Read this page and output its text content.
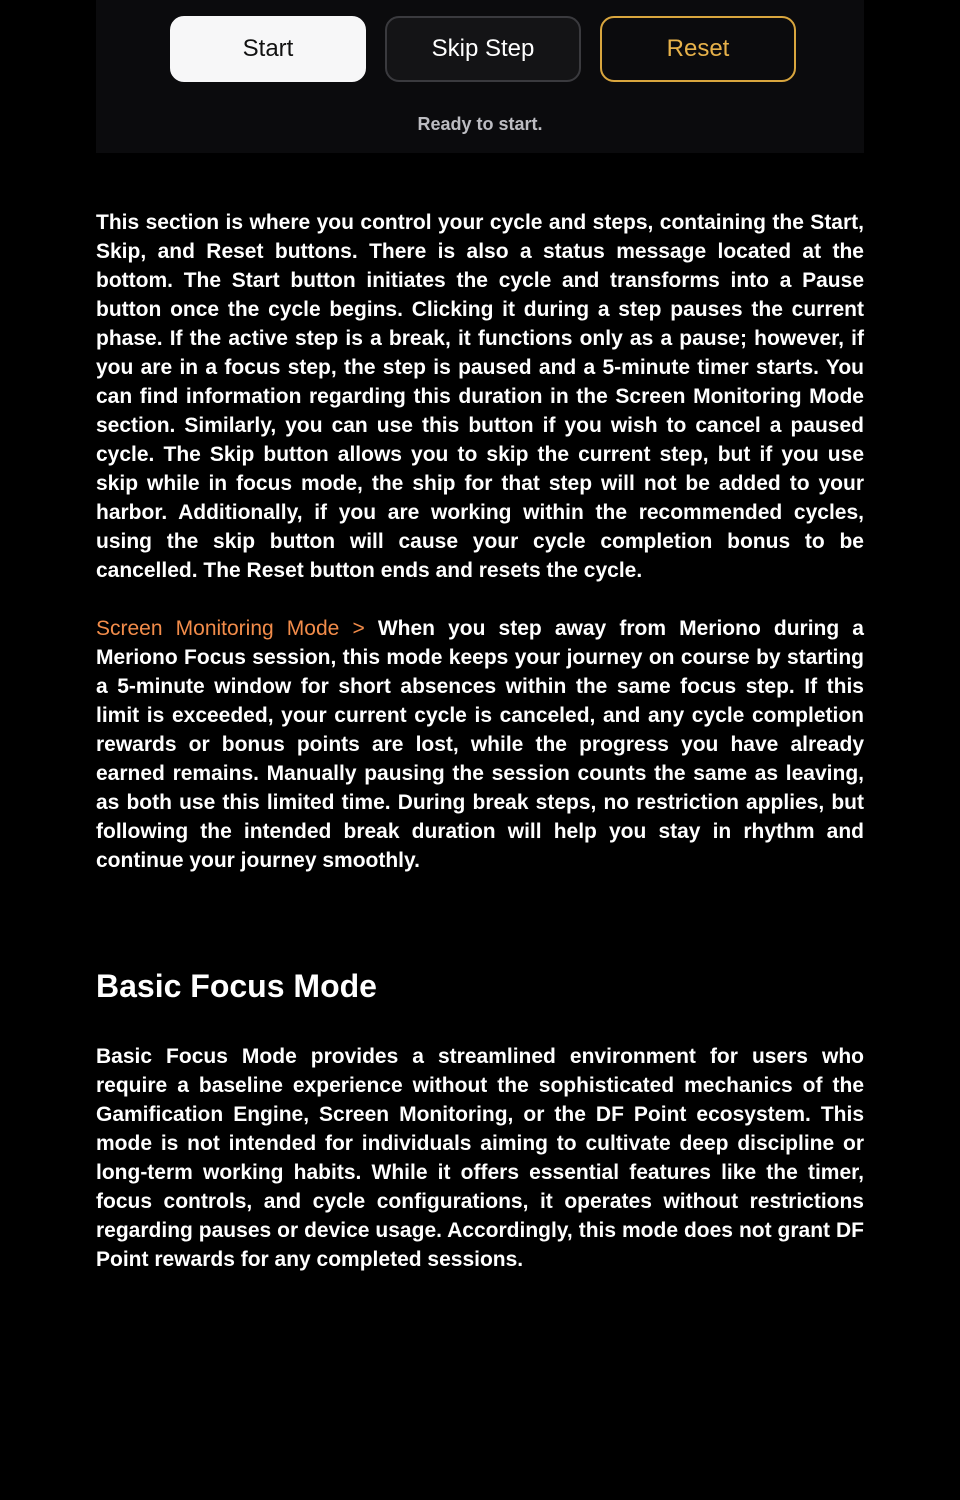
Start	Skip Step	Reset
Ready to start.

This section is where you control your cycle and steps, containing the Start, Skip, and Reset buttons. There is also a status message located at the bottom. The Start button initiates the cycle and transforms into a Pause button once the cycle begins. Clicking it during a step pauses the current phase. If the active step is a break, it functions only as a pause; however, if you are in a focus step, the step is paused and a 5-minute timer starts. You can find information regarding this duration in the Screen Monitoring Mode section. Similarly, you can use this button if you wish to cancel a paused cycle. The Skip button allows you to skip the current step, but if you use skip while in focus mode, the ship for that step will not be added to your harbor. Additionally, if you are working within the recommended cycles, using the skip button will cause your cycle completion bonus to be cancelled. The Reset button ends and resets the cycle.

Screen Monitoring Mode > When you step away from Meriono during a Meriono Focus session, this mode keeps your journey on course by starting a 5-minute window for short absences within the same focus step. If this limit is exceeded, your current cycle is canceled, and any cycle completion rewards or bonus points are lost, while the progress you have already earned remains. Manually pausing the session counts the same as leaving, as both use this limited time. During break steps, no restriction applies, but following the intended break duration will help you stay in rhythm and continue your journey smoothly.

Basic Focus Mode

Basic Focus Mode provides a streamlined environment for users who require a baseline experience without the sophisticated mechanics of the Gamification Engine, Screen Monitoring, or the DF Point ecosystem. This mode is not intended for individuals aiming to cultivate deep discipline or long-term working habits. While it offers essential features like the timer, focus controls, and cycle configurations, it operates without restrictions regarding pauses or device usage. Accordingly, this mode does not grant DF Point rewards for any completed sessions.
